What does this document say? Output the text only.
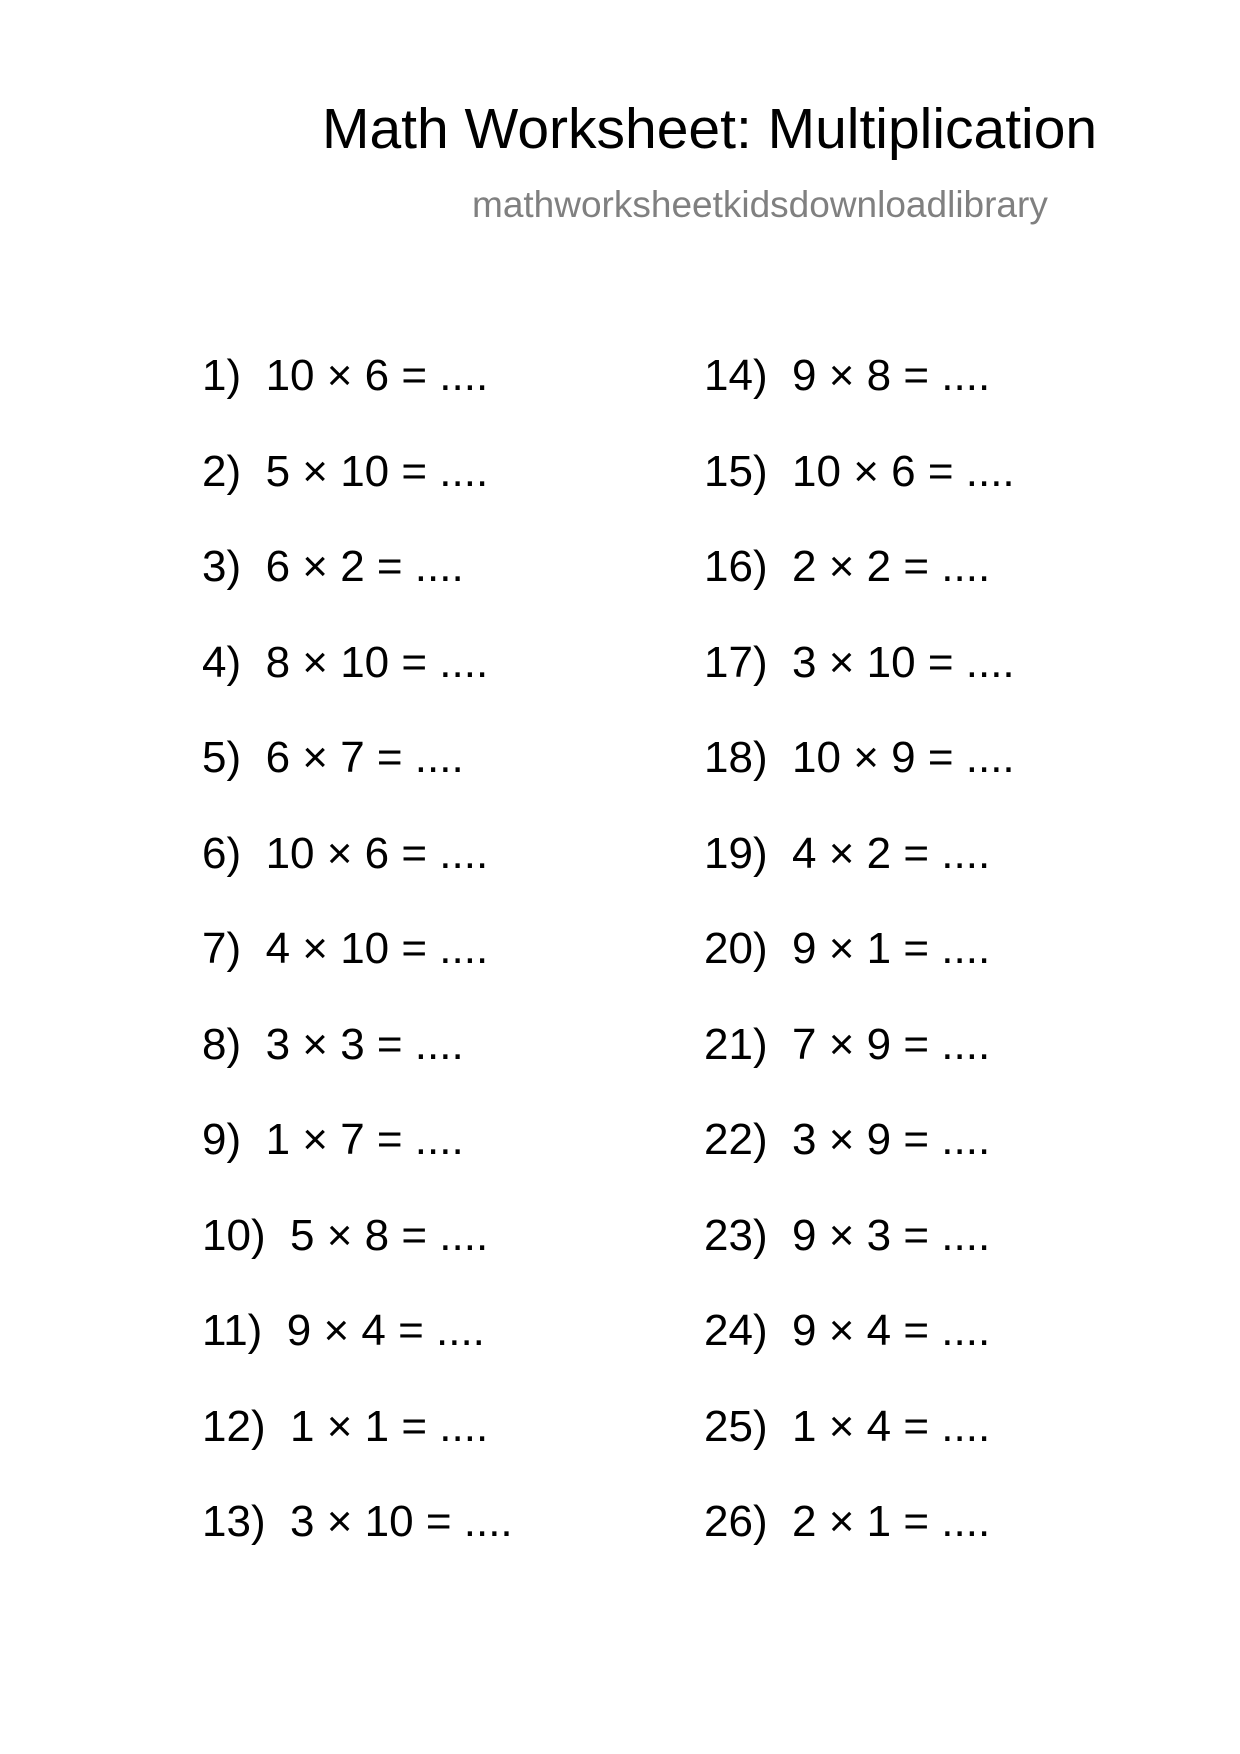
Math Worksheet: Multiplication
mathworksheetkidsdownloadlibrary
1)  10 × 6 = ....
2)  5 × 10 = ....
3)  6 × 2 = ....
4)  8 × 10 = ....
5)  6 × 7 = ....
6)  10 × 6 = ....
7)  4 × 10 = ....
8)  3 × 3 = ....
9)  1 × 7 = ....
10)  5 × 8 = ....
11)  9 × 4 = ....
12)  1 × 1 = ....
13)  3 × 10 = ....
14)  9 × 8 = ....
15)  10 × 6 = ....
16)  2 × 2 = ....
17)  3 × 10 = ....
18)  10 × 9 = ....
19)  4 × 2 = ....
20)  9 × 1 = ....
21)  7 × 9 = ....
22)  3 × 9 = ....
23)  9 × 3 = ....
24)  9 × 4 = ....
25)  1 × 4 = ....
26)  2 × 1 = ....
